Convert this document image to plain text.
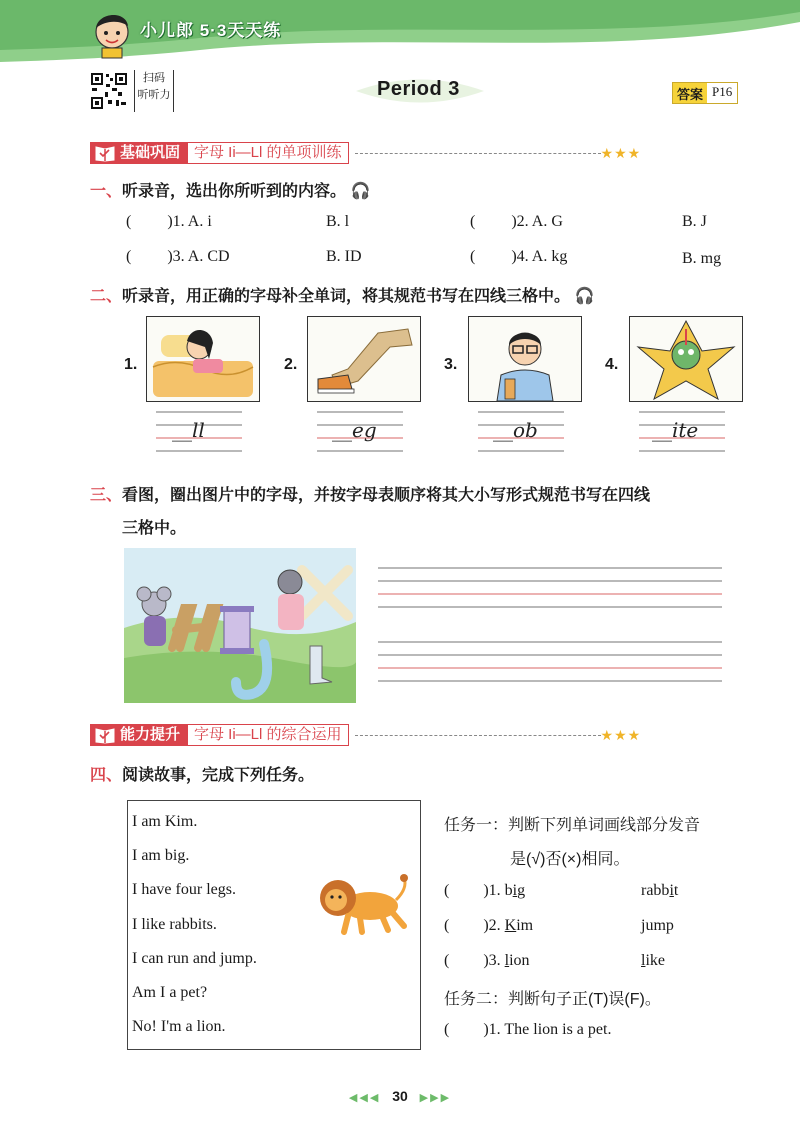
小儿郎 5·3天天练
扫码
听听力	Period 3	答案 P16
基础巩固 字母 Ii—Ll 的单项训练	★★★
一、听录音，选出你所听到的内容。 🎧
( )1. A. i	B. l	( )2. A. G	B. J
( )3. A. CD	B. ID	( )4. A. kg	B. mg
二、听录音，用正确的字母补全单词，将其规范书写在四线三格中。 🎧
1.
__ll
2.
__eg
3.
__ob
4.
__ite
三、看图，圈出图片中的字母，并按字母表顺序将其大小写形式规范书写在四线
三格中。
能力提升 字母 Ii—Ll 的综合运用	★★★
四、阅读故事，完成下列任务。
I am Kim.
I am big.
I have four legs.
I like rabbits.
I can run and jump.
Am I a pet?
No! I'm a lion.
任务一：判断下列单词画线部分发音
是(√)否(×)相同。
( )1. big	rabbit
( )2. Kim	jump
( )3. lion	like
任务二：判断句子正(T)误(F)。
( )1. The lion is a pet.
◀◀◀ 30 ▶▶▶
